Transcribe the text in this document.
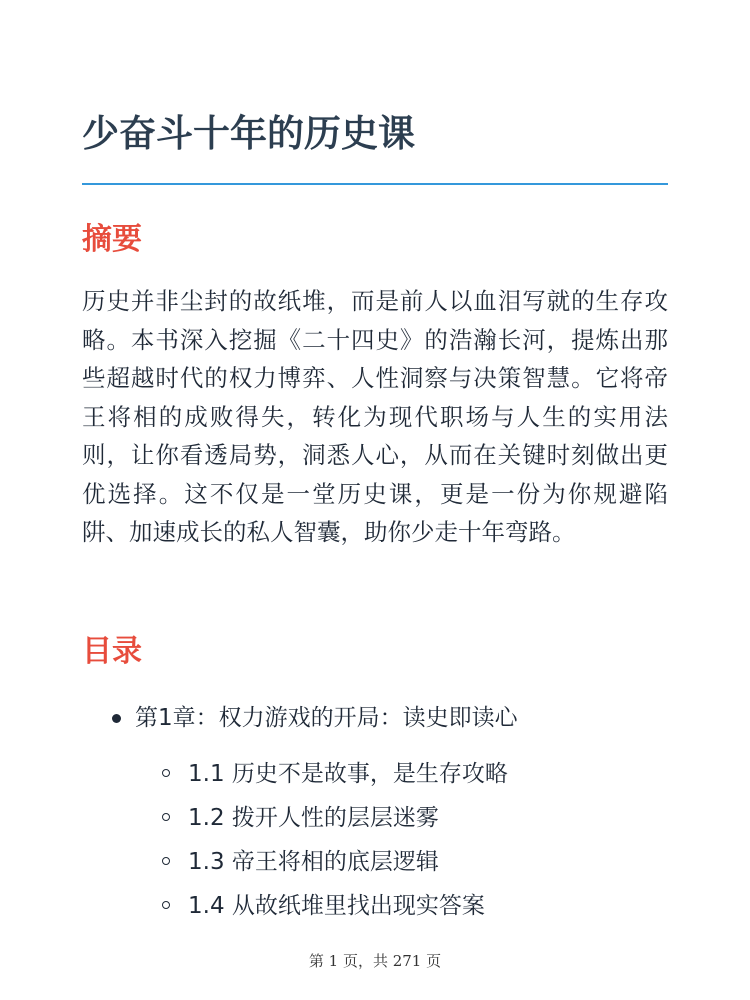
少奋斗十年的历史课
摘要

历史并非尘封的故纸堆，而是前人以血泪写就的生存攻略。本书深入挖掘《二十四史》的浩瀚长河，提炼出那些超越时代的权力博弈、人性洞察与决策智慧。它将帝王将相的成败得失，转化为现代职场与人生的实用法则，让你看透局势，洞悉人心，从而在关键时刻做出更优选择。这不仅是一堂历史课，更是一份为你规避陷阱、加速成长的私人智囊，助你少走十年弯路。

目录
第1章：权力游戏的开局：读史即读心
1.1 历史不是故事，是生存攻略
1.2 拨开人性的层层迷雾
1.3 帝王将相的底层逻辑
1.4 从故纸堆里找出现实答案
第 1 页，共 271 页
